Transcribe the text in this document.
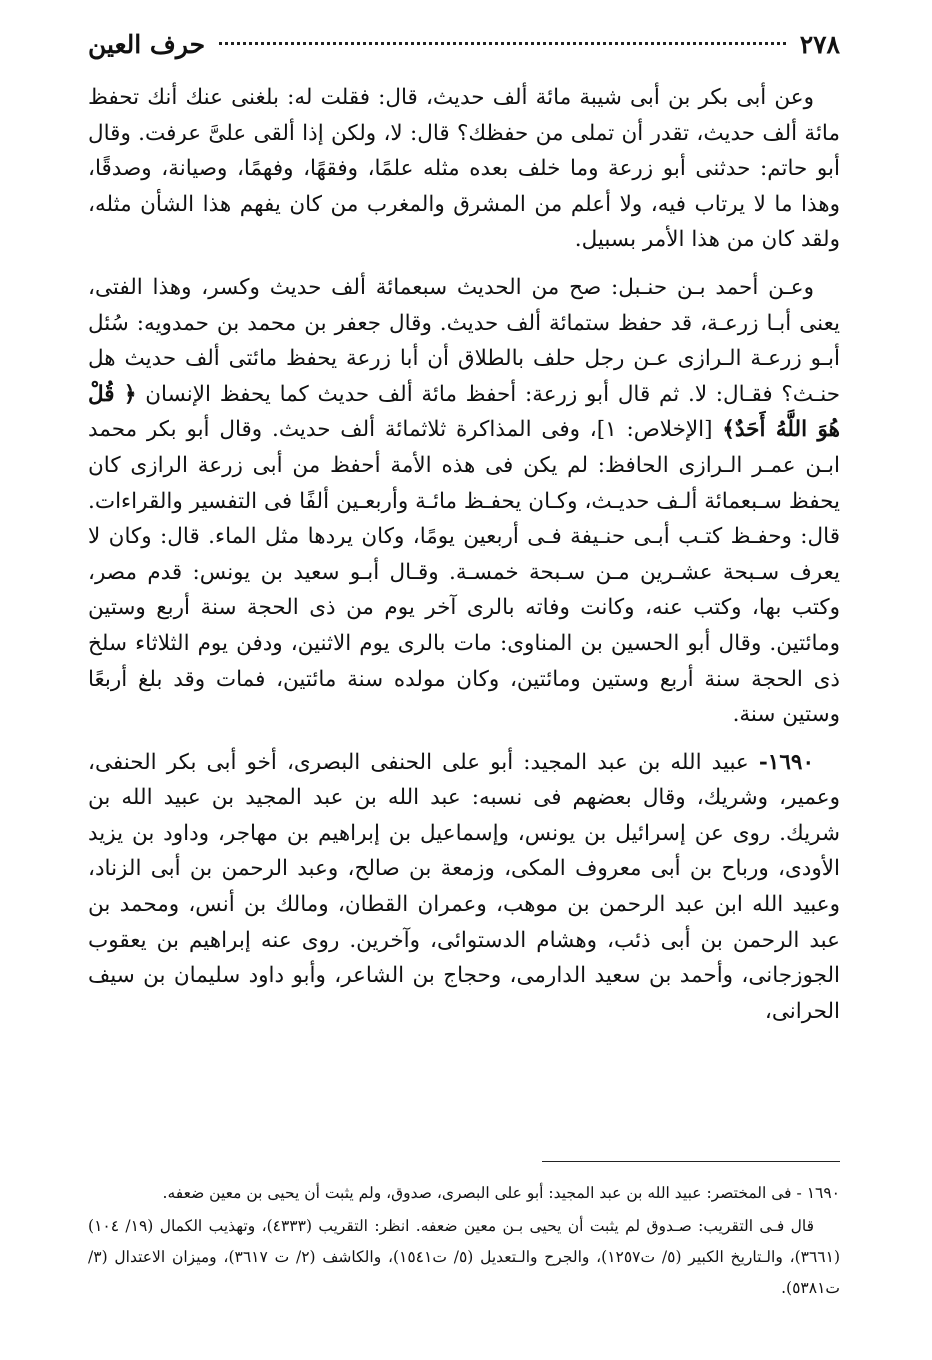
٢٧٨
حرف العين

وعن أبى بكر بن أبى شيبة مائة ألف حديث، قال: فقلت له: بلغنى عنك أنك تحفظ مائة ألف حديث، تقدر أن تملى من حفظك؟ قال: لا، ولكن إذا ألقى علىَّ عرفت. وقال أبو حاتم: حدثنى أبو زرعة وما خلف بعده مثله علمًا، وفقهًا، وفهمًا، وصيانة، وصدقًا، وهذا ما لا يرتاب فيه، ولا أعلم من المشرق والمغرب من كان يفهم هذا الشأن مثله، ولقد كان من هذا الأمر بسبيل.

وعـن أحمد بـن حنـبل: صح من الحديث سبعمائة ألف حديث وكسر، وهذا الفتى، يعنى أبـا زرعـة، قد حفظ ستمائة ألف حديث. وقال جعفر بن محمد بن حمدويه: سُئل أبـو زرعـة الـرازى عـن رجل حلف بالطلاق أن أبا زرعة يحفظ مائتى ألف حديث هل حنـث؟ فقـال: لا. ثم قال أبو زرعة: أحفظ مائة ألف حديث كما يحفظ الإنسان ﴿ قُلْ هُوَ اللَّهُ أَحَدٌ﴾ [الإخلاص: ١]، وفى المذاكرة ثلاثمائة ألف حديث. وقال أبو بكر محمد ابـن عمـر الـرازى الحافظ: لم يكن فى هذه الأمة أحفظ من أبى زرعة الرازى كان يحفظ سـبعمائة ألـف حديـث، وكـان يحفـظ مائـة وأربعـين ألفًا فى التفسير والقراءات. قال: وحفـظ كتـب أبـى حنـيفة فـى أربعين يومًا، وكان يردها مثل الماء. قال: وكان لا يعرف سـبحة عشـرين مـن سـبحة خمسـة. وقـال أبـو سعيد بن يونس: قدم مصر، وكتب بها، وكتب عنه، وكانت وفاته بالرى آخر يوم من ذى الحجة سنة أربع وستين ومائتين. وقال أبو الحسين بن المناوى: مات بالرى يوم الاثنين، ودفن يوم الثلاثاء سلخ ذى الحجة سنة أربع وستين ومائتين، وكان مولده سنة مائتين، فمات وقد بلغ أربعًا وستين سنة.

١٦٩٠- عبيد الله بن عبد المجيد: أبو على الحنفى البصرى، أخو أبى بكر الحنفى، وعمير، وشريك، وقال بعضهم فى نسبه: عبد الله بن عبد المجيد بن عبيد الله بن شريك. روى عن إسرائيل بن يونس، وإسماعيل بن إبراهيم بن مهاجر، وداود بن يزيد الأودى، ورباح بن أبى معروف المكى، وزمعة بن صالح، وعبد الرحمن بن أبى الزناد، وعبيد الله ابن عبد الرحمن بن موهب، وعمران القطان، ومالك بن أنس، ومحمد بن عبد الرحمن بن أبى ذئب، وهشام الدستوائى، وآخرين. روى عنه إبراهيم بن يعقوب الجوزجانى، وأحمد بن سعيد الدارمى، وحجاج بن الشاعر، وأبو داود سليمان بن سيف الحرانى،

١٦٩٠ - فى المختصر: عبيد الله بن عبد المجيد: أبو على البصرى، صدوق، ولم يثبت أن يحيى بن معين ضعفه.

قال فـى التقريب: صـدوق لم يثبت أن يحيى بـن معين ضعفه. انظر: التقريب (٤٣٣٣)، وتهذيب الكمال (١٩/ ١٠٤) (٣٦٦١)، والـتاريخ الكبير (٥/ ت١٢٥٧)، والجرح والـتعديل (٥/ ت١٥٤١)، والكاشف (٢/ ت ٣٦١٧)، وميزان الاعتدال (٣/ ت٥٣٨١).
